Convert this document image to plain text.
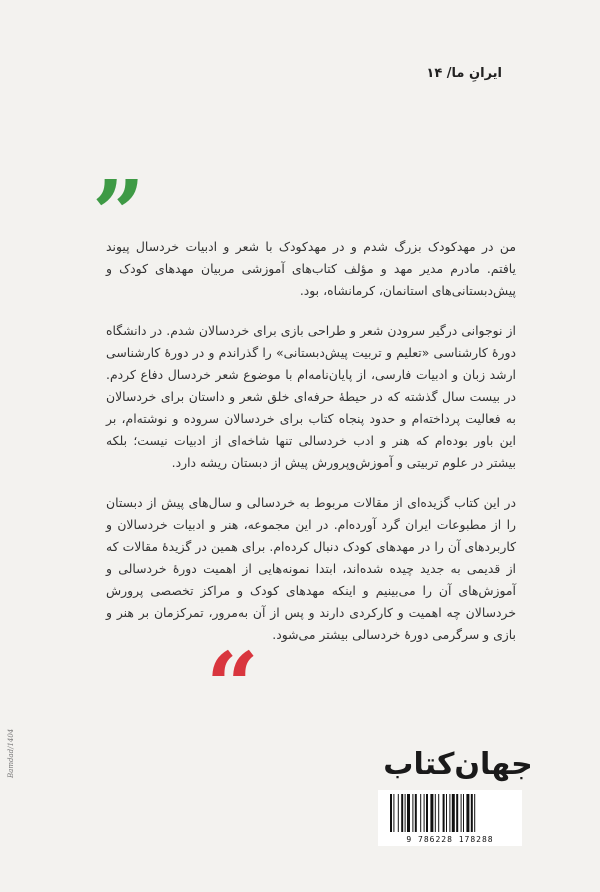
ایرانِ ما/ ۱۴
”

من در مهدکودک بزرگ شدم و در مهدکودک با شعر و ادبیات خردسال پیوند یافتم. مادرم مدیر مهد و مؤلف کتاب‌های آموزشی مربیان مهدهای کودک و پیش‌دبستانی‌های استانمان، کرمانشاه، بود.

از نوجوانی درگیر سرودن شعر و طراحی بازی برای خردسالان شدم. در دانشگاه دورهٔ کارشناسی «تعلیم و تربیت پیش‌دبستانی» را گذراندم و در دورهٔ کارشناسی ارشد زبان و ادبیات فارسی، از پایان‌نامه‌ام با موضوع شعر خردسال دفاع کردم. در بیست سال گذشته که در حیطهٔ حرفه‌ای خلق شعر و داستان برای خردسالان به فعالیت پرداخته‌ام و حدود پنجاه کتاب برای خردسالان سروده و نوشته‌ام، بر این باور بوده‌ام که هنر و ادب خردسالی تنها شاخه‌ای از ادبیات نیست؛ بلکه بیشتر در علوم تربیتی و آموزش‌وپرورش پیش از دبستان ریشه دارد.

در این کتاب گزیده‌ای از مقالات مربوط به خردسالی و سال‌های پیش از دبستان را از مطبوعات ایران گرد آورده‌ام. در این مجموعه، هنر و ادبیات خردسالان و کاربردهای آن را در مهدهای کودک دنبال کرده‌ام. برای همین در گزیدهٔ مقالات که از قدیمی به جدید چیده شده‌اند، ابتدا نمونه‌هایی از اهمیت دورهٔ خردسالی و آموزش‌های آن را می‌بینیم و اینکه مهدهای کودک و مراکز تخصصی پرورش خردسالان چه اهمیت و کارکردی دارند و پس از آن به‌مرور، تمرکزمان بر هنر و بازی و سرگرمی دورهٔ خردسالی بیشتر می‌شود.

“
جهان‌کتاب
9 786228 178288
Bamdad/1404
